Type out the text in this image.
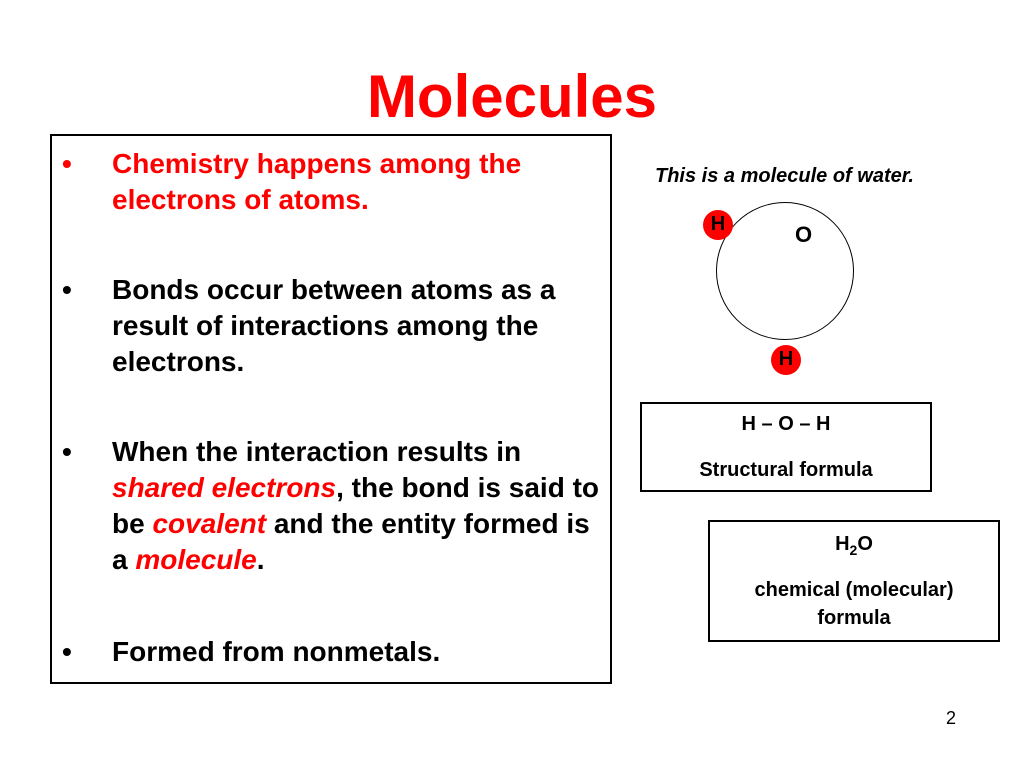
Molecules
• Chemistry happens among the electrons of atoms.
• Bonds occur between atoms as a result of interactions among the electrons.
• When the interaction results in shared electrons, the bond is said to be covalent and the entity formed is a molecule.
• Formed from nonmetals.
This is a molecule of water.
O
H
H
H – O – H
Structural formula
$H_2O$
chemical (molecular)
formula
2
